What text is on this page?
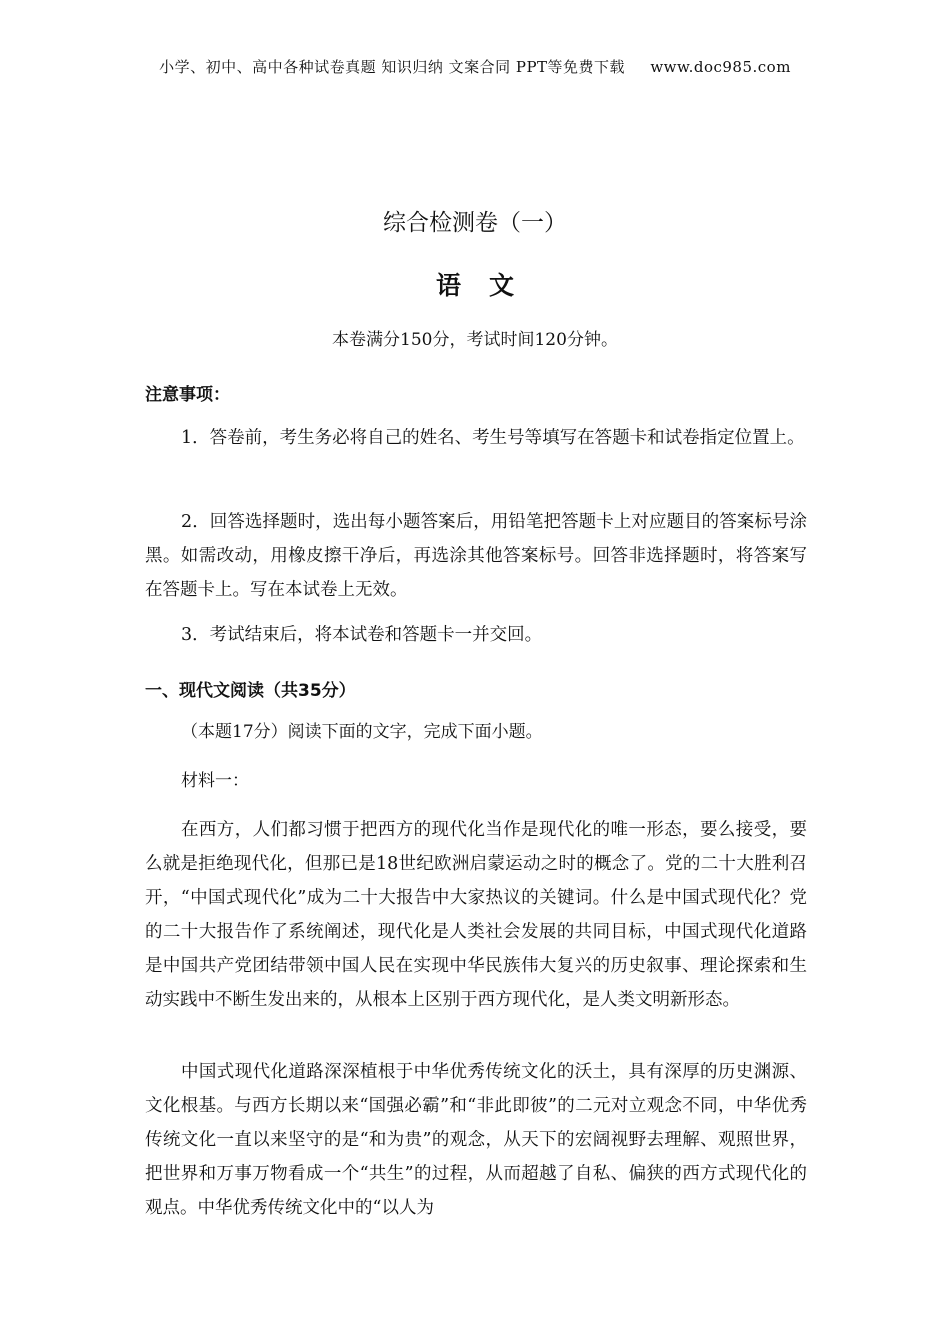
小学、初中、高中各种试卷真题 知识归纳 文案合同 PPT等免费下载 www.doc985.com
综合检测卷（一）
语文
本卷满分150分，考试时间120分钟。
注意事项：
1．答卷前，考生务必将自己的姓名、考生号等填写在答题卡和试卷指定位置上。
2．回答选择题时，选出每小题答案后，用铅笔把答题卡上对应题目的答案标号涂黑。如需改动，用橡皮擦干净后，再选涂其他答案标号。回答非选择题时，将答案写在答题卡上。写在本试卷上无效。
3．考试结束后，将本试卷和答题卡一并交回。
一、现代文阅读（共35分）
（本题17分）阅读下面的文字，完成下面小题。
材料一：
在西方，人们都习惯于把西方的现代化当作是现代化的唯一形态，要么接受，要么就是拒绝现代化，但那已是18世纪欧洲启蒙运动之时的概念了。党的二十大胜利召开，“中国式现代化”成为二十大报告中大家热议的关键词。什么是中国式现代化？党的二十大报告作了系统阐述，现代化是人类社会发展的共同目标，中国式现代化道路是中国共产党团结带领中国人民在实现中华民族伟大复兴的历史叙事、理论探索和生动实践中不断生发出来的，从根本上区别于西方现代化，是人类文明新形态。
中国式现代化道路深深植根于中华优秀传统文化的沃土，具有深厚的历史渊源、文化根基。与西方长期以来“国强必霸”和“非此即彼”的二元对立观念不同，中华优秀传统文化一直以来坚守的是“和为贵”的观念，从天下的宏阔视野去理解、观照世界，把世界和万事万物看成一个“共生”的过程，从而超越了自私、偏狭的西方式现代化的观点。中华优秀传统文化中的“以人为
